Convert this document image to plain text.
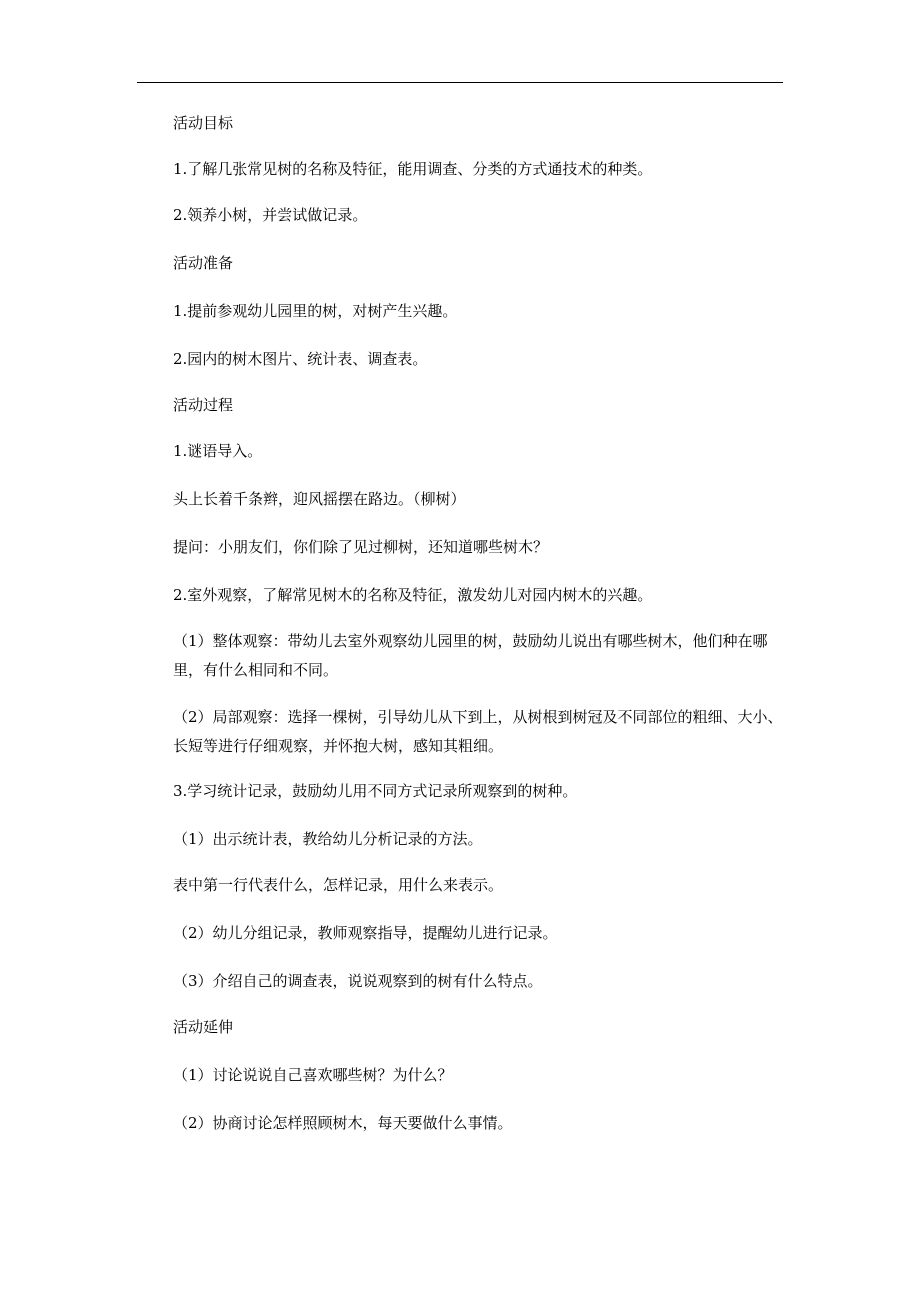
活动目标
1.了解几张常见树的名称及特征，能用调查、分类的方式通技术的种类。
2.领养小树，并尝试做记录。
活动准备
1.提前参观幼儿园里的树，对树产生兴趣。
2.园内的树木图片、统计表、调查表。
活动过程
1.谜语导入。
头上长着千条辫，迎风摇摆在路边。（柳树）
提问：小朋友们，你们除了见过柳树，还知道哪些树木？
2.室外观察，了解常见树木的名称及特征，激发幼儿对园内树木的兴趣。
（1）整体观察：带幼儿去室外观察幼儿园里的树，鼓励幼儿说出有哪些树木，他们种在哪里，有什么相同和不同。
（2）局部观察：选择一棵树，引导幼儿从下到上，从树根到树冠及不同部位的粗细、大小、长短等进行仔细观察，并怀抱大树，感知其粗细。
3.学习统计记录，鼓励幼儿用不同方式记录所观察到的树种。
（1）出示统计表，教给幼儿分析记录的方法。
表中第一行代表什么，怎样记录，用什么来表示。
（2）幼儿分组记录，教师观察指导，提醒幼儿进行记录。
（3）介绍自己的调查表，说说观察到的树有什么特点。
活动延伸
（1）讨论说说自己喜欢哪些树？为什么？
（2）协商讨论怎样照顾树木，每天要做什么事情。
